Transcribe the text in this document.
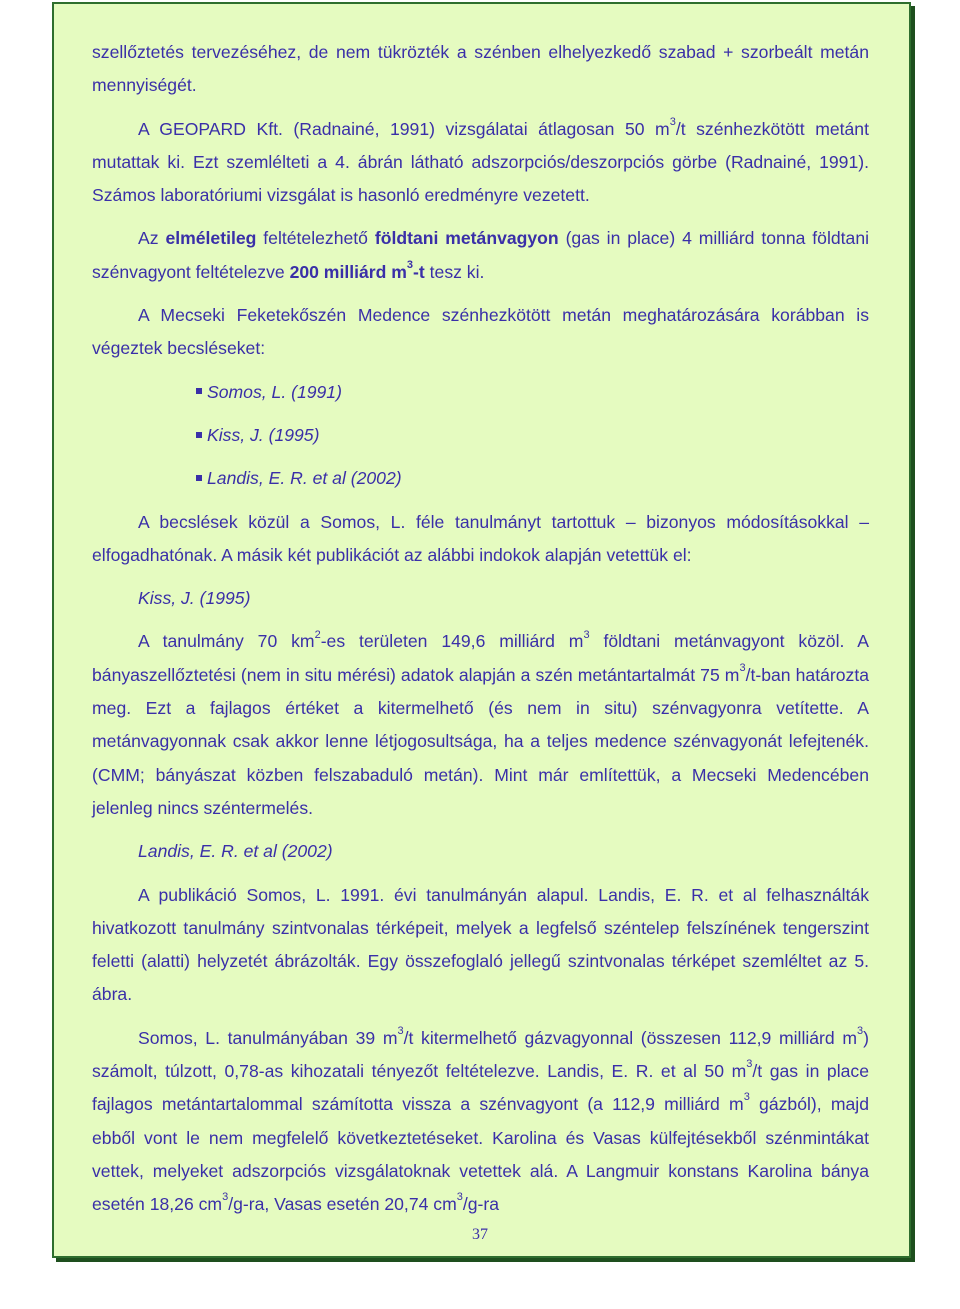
szellőztetés tervezéséhez, de nem tükrözték a szénben elhelyezkedő szabad + szorbeált metán mennyiségét.

A GEOPARD Kft. (Radnainé, 1991) vizsgálatai átlagosan 50 $m^3/t$ szénhezkötött metánt mutattak ki. Ezt szemlélteti a 4. ábrán látható adszorpciós/deszorpciós görbe (Radnainé, 1991). Számos laboratóriumi vizsgálat is hasonló eredményre vezetett.

Az elméletileg feltételezhető földtani metánvagyon (gas in place) 4 milliárd tonna földtani szénvagyont feltételezve 200 milliárd $m^3-t$ tesz ki.

A Mecseki Feketekőszén Medence szénhezkötött metán meghatározására korábban is végeztek becsléseket:

Somos, L. (1991)
Kiss, J. (1995)
Landis, E. R. et al (2002)

A becslések közül a Somos, L. féle tanulmányt tartottuk – bizonyos módosításokkal – elfogadhatónak. A másik két publikációt az alábbi indokok alapján vetettük el:

Kiss, J. (1995)

A tanulmány 70 $km^2-es$ területen 149,6 milliárd $m^3$ földtani metánvagyont közöl. A bányaszellőztetési (nem in situ mérési) adatok alapján a szén metántartalmát 75 $m^3/t$-ban határozta meg. Ezt a fajlagos értéket a kitermelhető (és nem in situ) szénvagyonra vetítette. A metánvagyonnak csak akkor lenne létjogosultsága, ha a teljes medence szénvagyonát lefejtenék. (CMM; bányászat közben felszabaduló metán). Mint már említettük, a Mecseki Medencében jelenleg nincs széntermelés.

Landis, E. R. et al (2002)

A publikáció Somos, L. 1991. évi tanulmányán alapul. Landis, E. R. et al felhasználták hivatkozott tanulmány szintvonalas térképeit, melyek a legfelső széntelep felszínének tengerszint feletti (alatti) helyzetét ábrázolták. Egy összefoglaló jellegű szintvonalas térképet szemléltet az 5. ábra.

Somos, L. tanulmányában 39 $m^3/t$ kitermelhető gázvagyonnal (összesen 112,9 milliárd $m^3$) számolt, túlzott, 0,78-as kihozatali tényezőt feltételezve. Landis, E. R. et al 50 $m^3/t$ gas in place fajlagos metántartalommal számította vissza a szénvagyont (a 112,9 milliárd $m^3$ gázból), majd ebből vont le nem megfelelő következtetéseket. Karolina és Vasas külfejtésekből szénmintákat vettek, melyeket adszorpciós vizsgálatoknak vetettek alá. A Langmuir konstans Karolina bánya esetén 18,26 $cm^3/g-ra$, Vasas esetén 20,74 $cm^3/g-ra$

37
